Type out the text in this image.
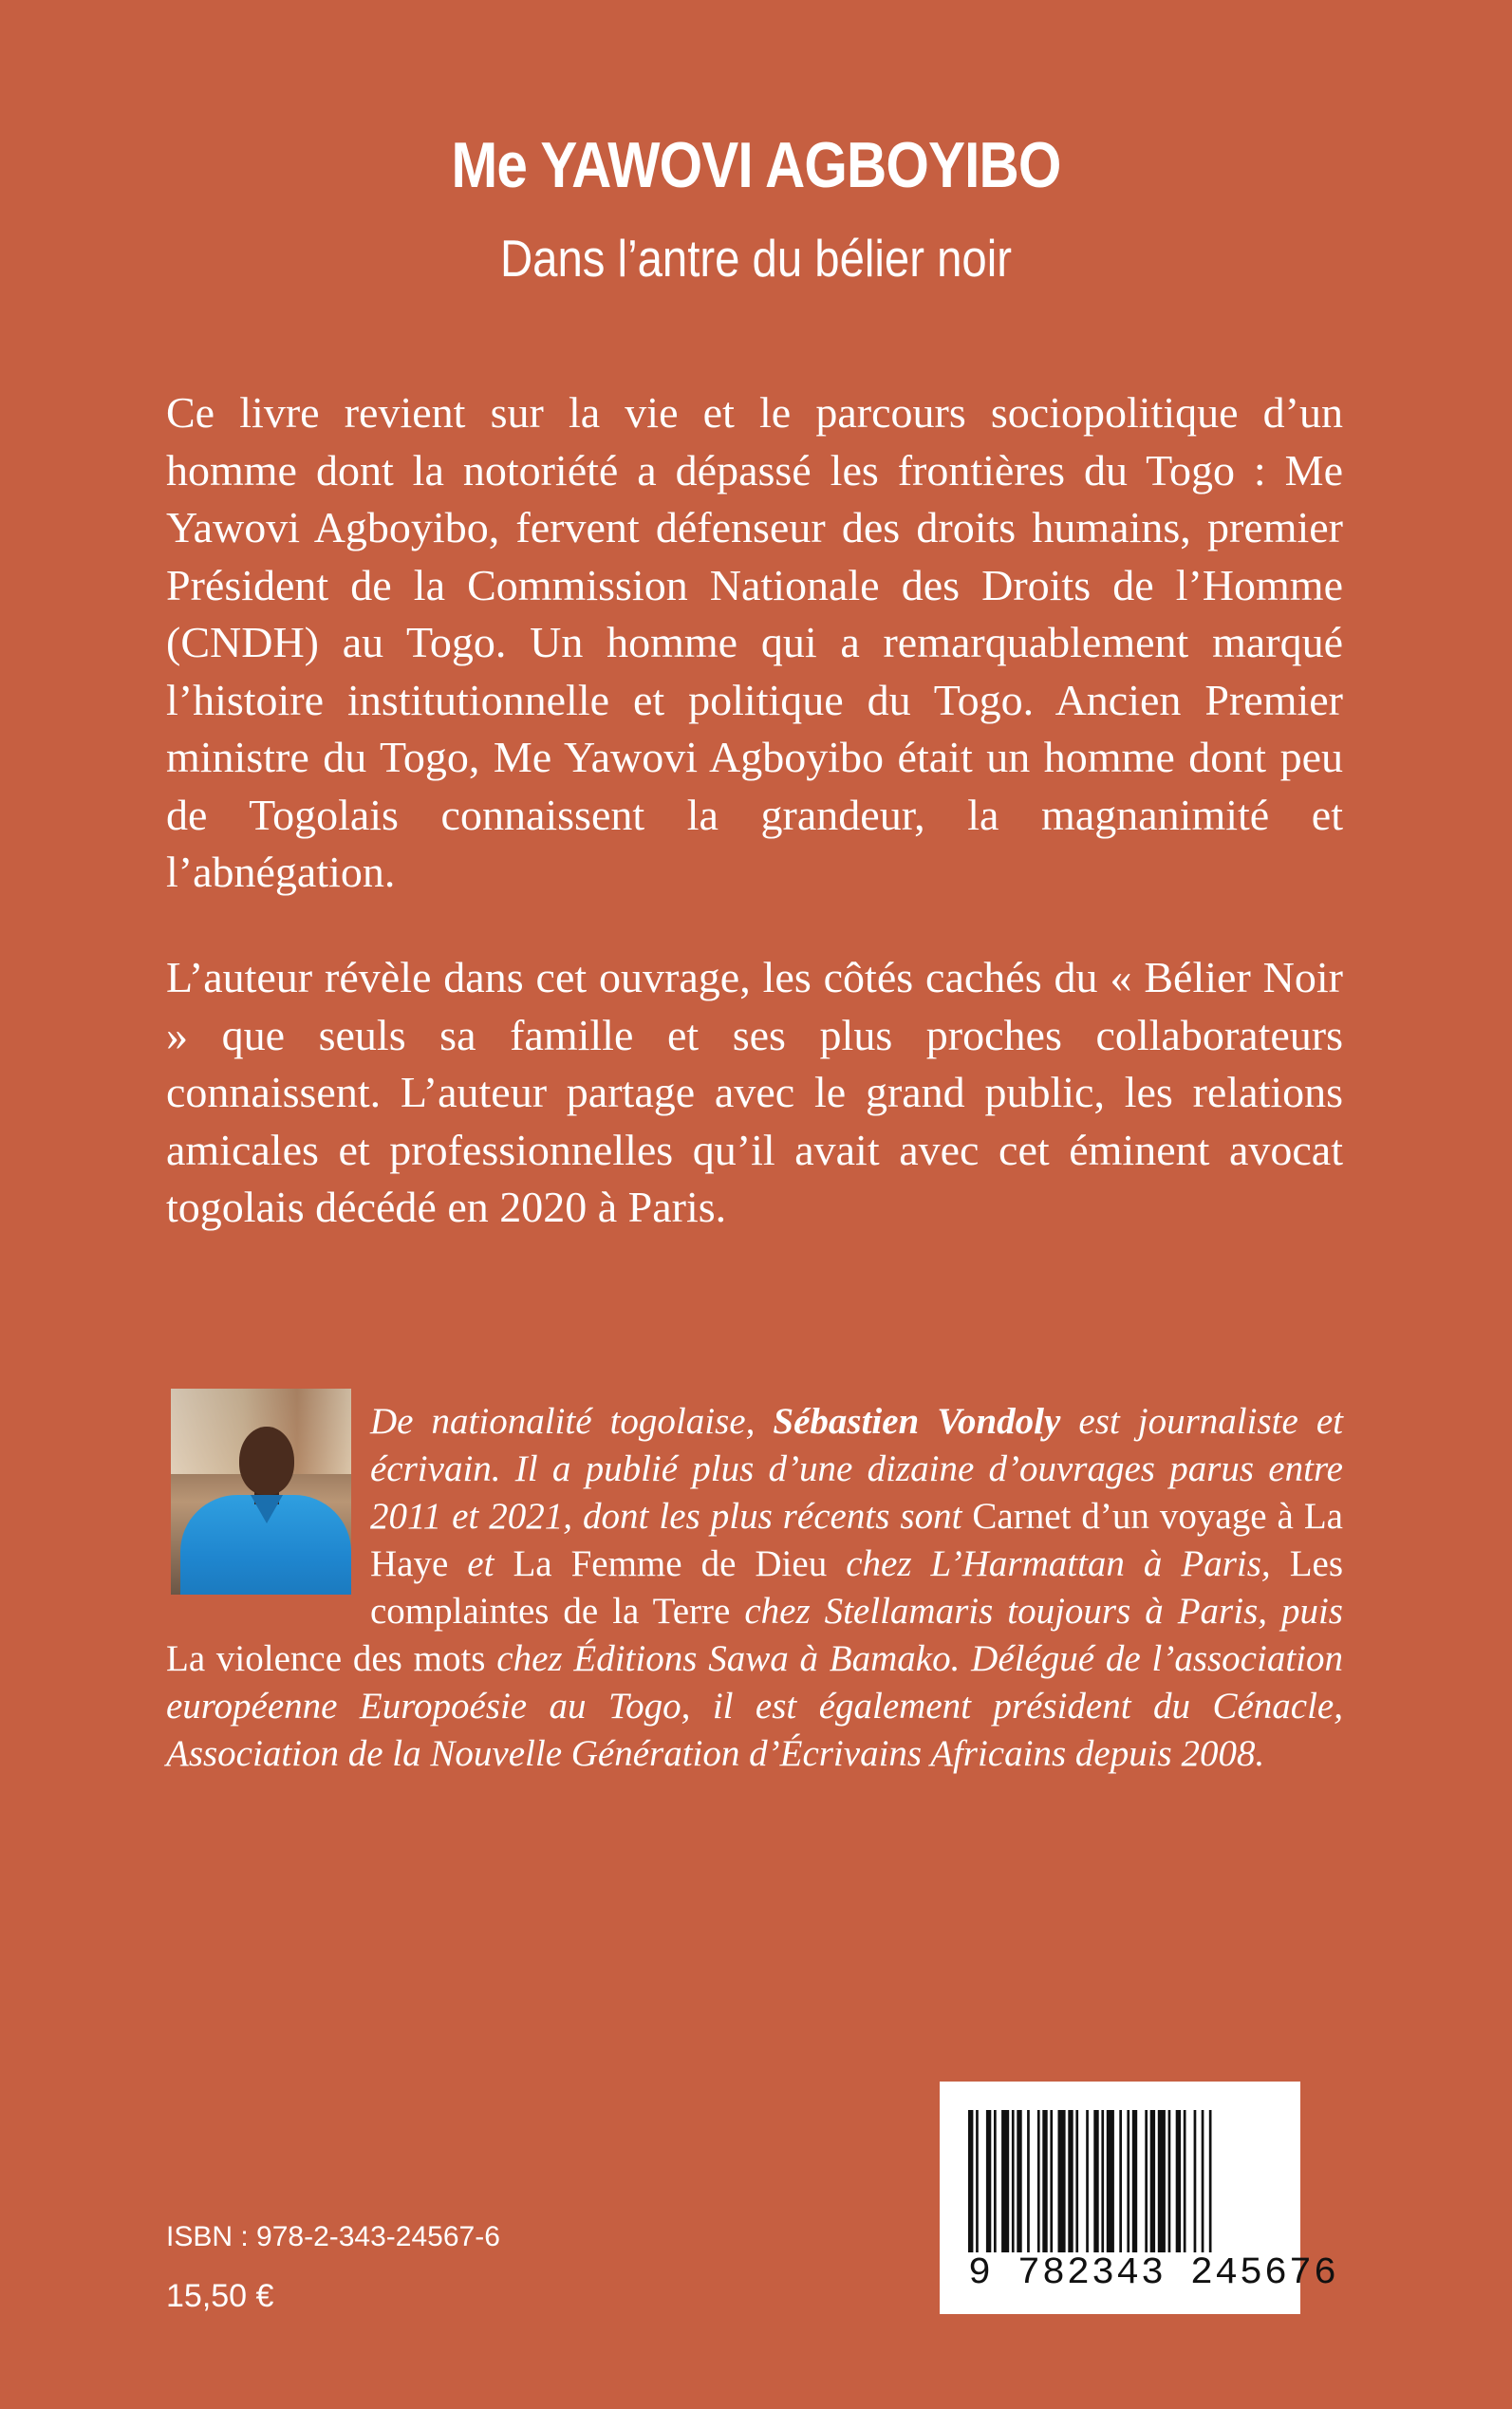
Me YAWOVI AGBOYIBO
Dans l’antre du bélier noir

Ce livre revient sur la vie et le parcours sociopolitique d’un homme dont la notoriété a dépassé les frontières du Togo : Me Yawovi Agboyibo, fervent défenseur des droits humains, premier Président de la Commission Nationale des Droits de l’Homme (CNDH) au Togo. Un homme qui a remarquablement marqué l’histoire institutionnelle et politique du Togo. Ancien Premier ministre du Togo, Me Yawovi Agboyibo était un homme dont peu de Togolais connaissent la grandeur, la magnanimité et l’abnégation.

L’auteur révèle dans cet ouvrage, les côtés cachés du « Bélier Noir » que seuls sa famille et ses plus proches collaborateurs connaissent. L’auteur partage avec le grand public, les relations amicales et professionnelles qu’il avait avec cet éminent avocat togolais décédé en 2020 à Paris.

De nationalité togolaise, Sébastien Vondoly est journaliste et écrivain. Il a publié plus d’une dizaine d’ouvrages parus entre 2011 et 2021, dont les plus récents sont Carnet d’un voyage à La Haye et La Femme de Dieu chez L’Harmattan à Paris, Les complaintes de la Terre chez Stellamaris toujours à Paris, puis La violence des mots chez Éditions Sawa à Bamako. Délégué de l’association européenne Europoésie au Togo, il est également président du Cénacle, Association de la Nouvelle Génération d’Écrivains Africains depuis 2008.

ISBN : 978-2-343-24567-6
15,50 €
9 782343 245676
